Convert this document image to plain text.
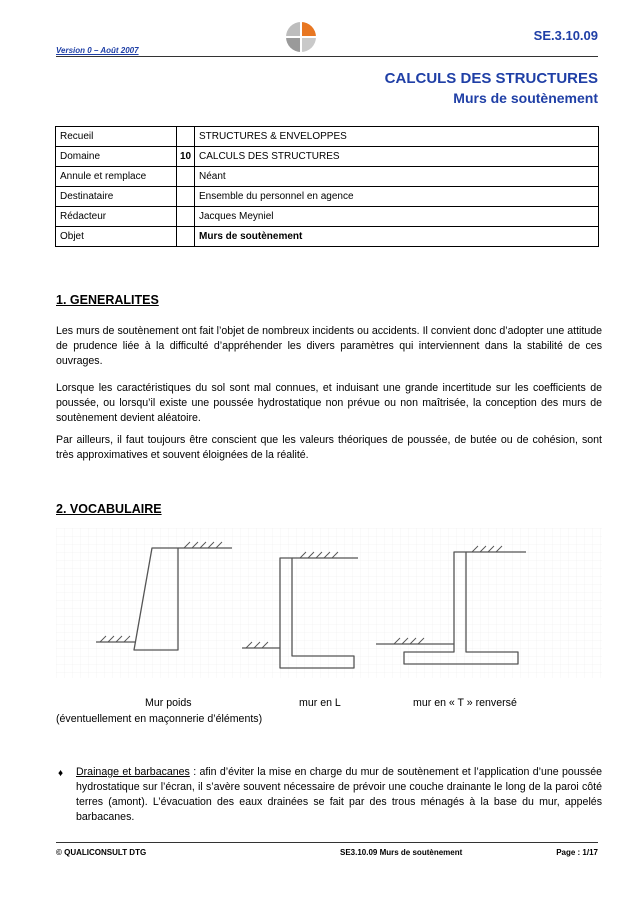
SE.3.10.09
Version 0 – Août 2007
CALCULS DES STRUCTURES
Murs de soutènement
Recueil		STRUCTURES & ENVELOPPES
Domaine	10	CALCULS DES STRUCTURES
Annule et remplace		Néant
Destinataire		Ensemble du personnel en agence
Rédacteur		Jacques Meyniel
Objet		Murs de soutènement
1. GENERALITES

Les murs de soutènement ont fait l’objet de nombreux incidents ou accidents. Il convient donc d’adopter une attitude de prudence liée à la difficulté d’appréhender les divers paramètres qui interviennent dans la stabilité de ces ouvrages.

Lorsque les caractéristiques du sol sont mal connues, et induisant une grande incertitude sur les coefficients de poussée, ou lorsqu’il existe une poussée hydrostatique non prévue ou non maîtrisée, la conception des murs de soutènement devient aléatoire.

Par ailleurs, il faut toujours être conscient que les valeurs théoriques de poussée, de butée ou de cohésion, sont très approximatives et souvent éloignées de la réalité.

2. VOCABULAIRE
Mur poids	mur en L	mur en « T » renversé
(éventuellement en maçonnerie d’éléments)
♦ Drainage et barbacanes : afin d’éviter la mise en charge du mur de soutènement et l’application d’une poussée hydrostatique sur l’écran, il s’avère souvent nécessaire de prévoir une couche drainante le long de la paroi côté terres (amont). L’évacuation des eaux drainées se fait par des trous ménagés à la base du mur, appelés barbacanes.

© QUALICONSULT DTG	SE3.10.09 Murs de soutènement	Page : 1/17
